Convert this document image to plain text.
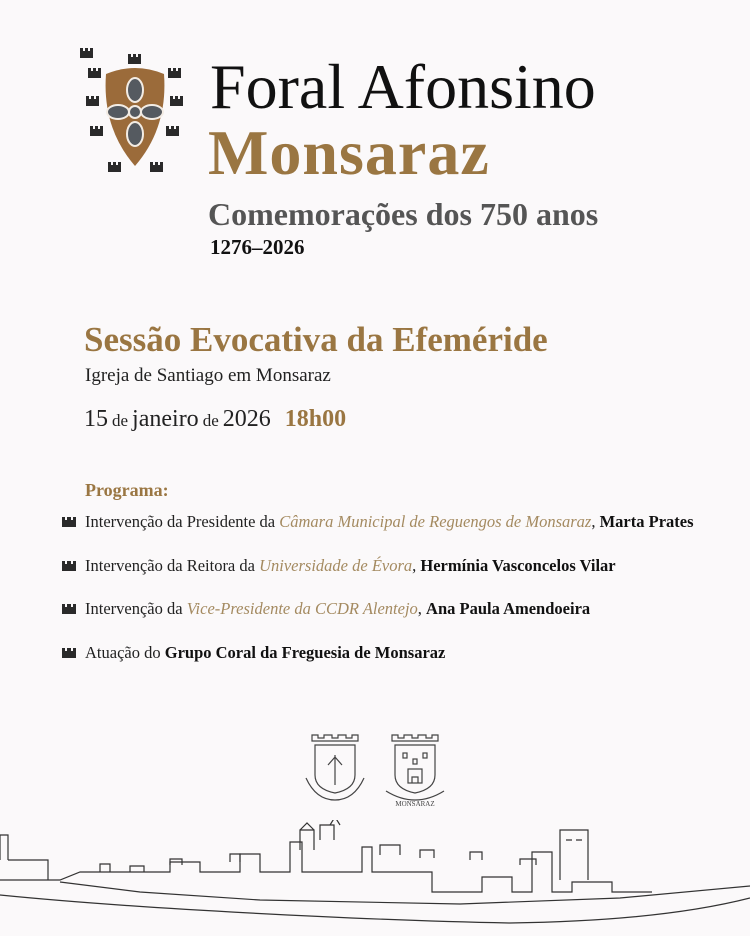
Foral Afonsino
Monsaraz
Comemorações dos 750 anos
1276–2026
Sessão Evocativa da Efeméride
Igreja de Santiago em Monsaraz
15 de janeiro de 2026 18h00
Programa:
Intervenção da Presidente da
Câmara Municipal de Reguengos de Monsaraz ,
Marta Prates
Intervenção da Reitora da
Universidade de Évora ,
Hermínia Vasconcelos Vilar
Intervenção da
Vice-Presidente da CCDR Alentejo ,
Ana Paula Amendoeira
Atuação do
Grupo Coral da Freguesia de Monsaraz
MONSARAZ
